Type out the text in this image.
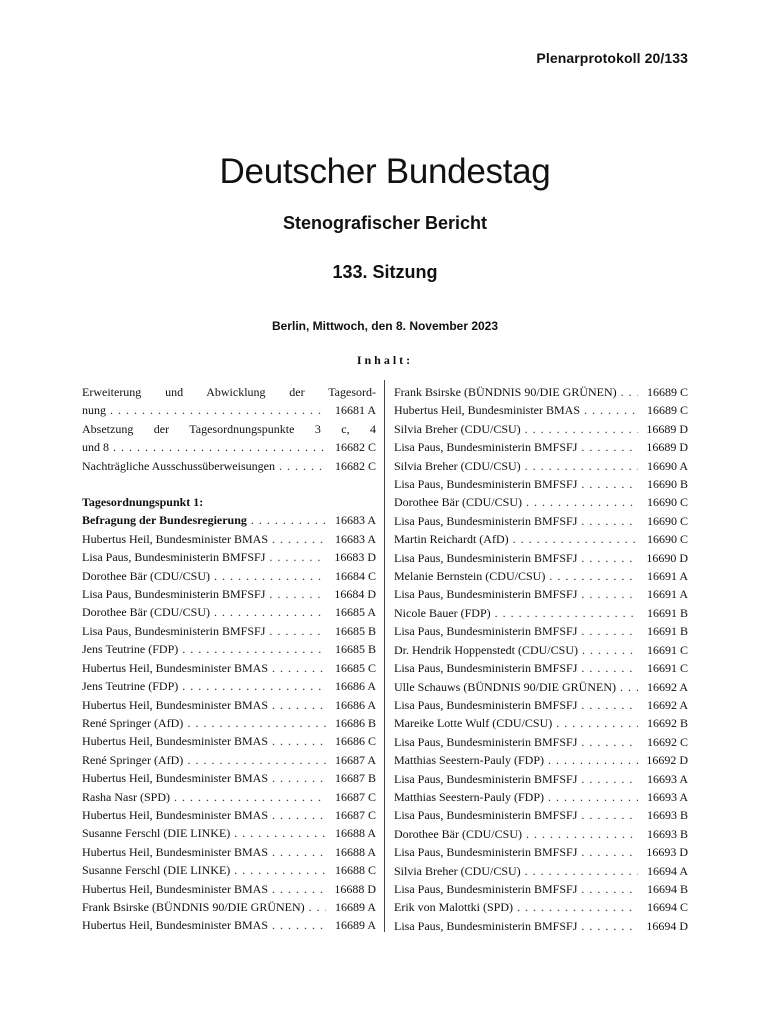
Plenarprotokoll 20/133
Deutscher Bundestag
Stenografischer Bericht
133. Sitzung
Berlin, Mittwoch, den 8. November 2023
Inhalt:
Erweiterung und Abwicklung der Tagesord-
nung . . .	16681 A
Absetzung der Tagesordnungspunkte 3 c, 4
und 8 . . .	16682 C
Nachträgliche Ausschussüberweisungen . . .	16682 C
Tagesordnungspunkt 1:
Befragung der Bundesregierung . . .	16683 A
Hubertus Heil, Bundesminister BMAS . . .	16683 A
Lisa Paus, Bundesministerin BMFSFJ . . .	16683 D
Dorothee Bär (CDU/CSU) . . .	16684 C
Lisa Paus, Bundesministerin BMFSFJ . . .	16684 D
Dorothee Bär (CDU/CSU) . . .	16685 A
Lisa Paus, Bundesministerin BMFSFJ . . .	16685 B
Jens Teutrine (FDP) . . .	16685 B
Hubertus Heil, Bundesminister BMAS . . .	16685 C
Jens Teutrine (FDP) . . .	16686 A
Hubertus Heil, Bundesminister BMAS . . .	16686 A
René Springer (AfD) . . .	16686 B
Hubertus Heil, Bundesminister BMAS . . .	16686 C
René Springer (AfD) . . .	16687 A
Hubertus Heil, Bundesminister BMAS . . .	16687 B
Rasha Nasr (SPD) . . .	16687 C
Hubertus Heil, Bundesminister BMAS . . .	16687 C
Susanne Ferschl (DIE LINKE) . . .	16688 A
Hubertus Heil, Bundesminister BMAS . . .	16688 A
Susanne Ferschl (DIE LINKE) . . .	16688 C
Hubertus Heil, Bundesminister BMAS . . .	16688 D
Frank Bsirske (BÜNDNIS 90/DIE GRÜNEN) . . .	16689 A
Hubertus Heil, Bundesminister BMAS . . .	16689 A
Frank Bsirske (BÜNDNIS 90/DIE GRÜNEN) . . .	16689 C
Hubertus Heil, Bundesminister BMAS . . .	16689 C
Silvia Breher (CDU/CSU) . . .	16689 D
Lisa Paus, Bundesministerin BMFSFJ . . .	16689 D
Silvia Breher (CDU/CSU) . . .	16690 A
Lisa Paus, Bundesministerin BMFSFJ . . .	16690 B
Dorothee Bär (CDU/CSU) . . .	16690 C
Lisa Paus, Bundesministerin BMFSFJ . . .	16690 C
Martin Reichardt (AfD) . . .	16690 C
Lisa Paus, Bundesministerin BMFSFJ . . .	16690 D
Melanie Bernstein (CDU/CSU) . . .	16691 A
Lisa Paus, Bundesministerin BMFSFJ . . .	16691 A
Nicole Bauer (FDP) . . .	16691 B
Lisa Paus, Bundesministerin BMFSFJ . . .	16691 B
Dr. Hendrik Hoppenstedt (CDU/CSU) . . .	16691 C
Lisa Paus, Bundesministerin BMFSFJ . . .	16691 C
Ulle Schauws (BÜNDNIS 90/DIE GRÜNEN) . . .	16692 A
Lisa Paus, Bundesministerin BMFSFJ . . .	16692 A
Mareike Lotte Wulf (CDU/CSU) . . .	16692 B
Lisa Paus, Bundesministerin BMFSFJ . . .	16692 C
Matthias Seestern-Pauly (FDP) . . .	16692 D
Lisa Paus, Bundesministerin BMFSFJ . . .	16693 A
Matthias Seestern-Pauly (FDP) . . .	16693 A
Lisa Paus, Bundesministerin BMFSFJ . . .	16693 B
Dorothee Bär (CDU/CSU) . . .	16693 B
Lisa Paus, Bundesministerin BMFSFJ . . .	16693 D
Silvia Breher (CDU/CSU) . . .	16694 A
Lisa Paus, Bundesministerin BMFSFJ . . .	16694 B
Erik von Malottki (SPD) . . .	16694 C
Lisa Paus, Bundesministerin BMFSFJ . . .	16694 D
